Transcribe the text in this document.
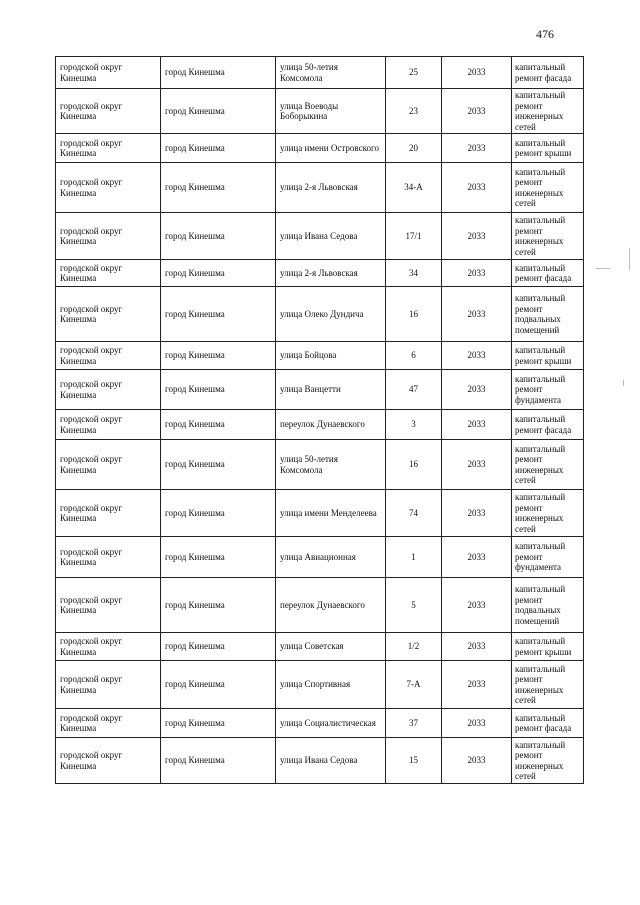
476
городской округ Кинешма	город Кинешма	улица 50-летия Комсомола	25	2033	капитальный ремонт фасада
городской округ Кинешма	город Кинешма	улица Воеводы Боборыкина	23	2033	капитальный ремонт инженерных сетей
городской округ Кинешма	город Кинешма	улица имени Островского	20	2033	капитальный ремонт крыши
городской округ Кинешма	город Кинешма	улица 2-я Львовская	34-А	2033	капитальный ремонт инженерных сетей
городской округ Кинешма	город Кинешма	улица Ивана Седова	17/1	2033	капитальный ремонт инженерных сетей
городской округ Кинешма	город Кинешма	улица 2-я Львовская	34	2033	капитальный ремонт фасада
городской округ Кинешма	город Кинешма	улица Олеко Дундича	16	2033	капитальный ремонт подвальных помещений
городской округ Кинешма	город Кинешма	улица Бойцова	6	2033	капитальный ремонт крыши
городской округ Кинешма	город Кинешма	улица Ванцетти	47	2033	капитальный ремонт фундамента
городской округ Кинешма	город Кинешма	переулок Дунаевского	3	2033	капитальный ремонт фасада
городской округ Кинешма	город Кинешма	улица 50-летия Комсомола	16	2033	капитальный ремонт инженерных сетей
городской округ Кинешма	город Кинешма	улица имени Менделеева	74	2033	капитальный ремонт инженерных сетей
городской округ Кинешма	город Кинешма	улица Авиационная	1	2033	капитальный ремонт фундамента
городской округ Кинешма	город Кинешма	переулок Дунаевского	5	2033	капитальный ремонт подвальных помещений
городской округ Кинешма	город Кинешма	улица Советская	1/2	2033	капитальный ремонт крыши
городской округ Кинешма	город Кинешма	улица Спортивная	7-А	2033	капитальный ремонт инженерных сетей
городской округ Кинешма	город Кинешма	улица Социалистическая	37	2033	капитальный ремонт фасада
городской округ Кинешма	город Кинешма	улица Ивана Седова	15	2033	капитальный ремонт инженерных сетей
